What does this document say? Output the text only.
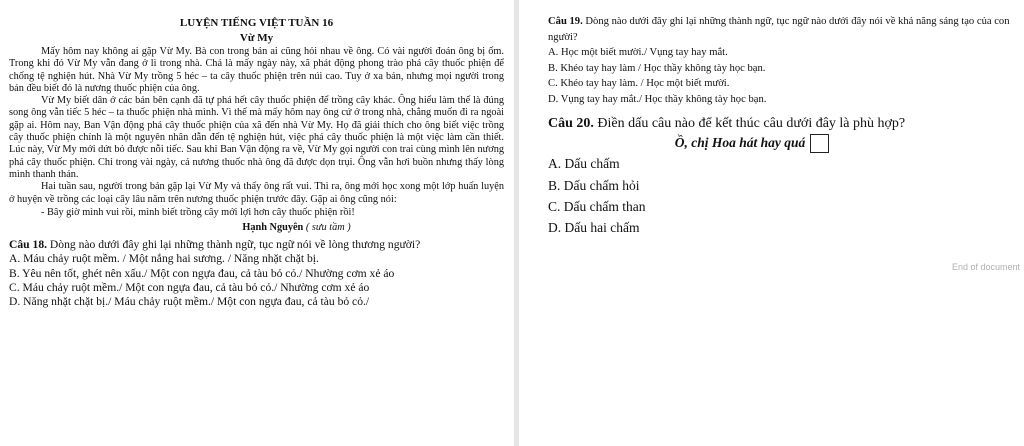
LUYỆN TIẾNG VIỆT TUẦN 16
Vừ My

Mấy hôm nay không ai gặp Vừ My. Bà con trong bản ai cũng hỏi nhau về ông. Có vài người đoán ông bị ốm. Trong khi đó Vừ My vẫn đang ở lì trong nhà. Chả là mấy ngày này, xã phát động phong trào phá cây thuốc phiện để chống tệ nghiện hút. Nhà Vừ My trồng 5 héc – ta cây thuốc phiện trên núi cao. Tuy ở xa bản, nhưng mọi người trong bản đều biết đó là nương thuốc phiện của ông.

Vừ My biết dân ở các bản bên cạnh đã tự phá hết cây thuốc phiện để trồng cây khác. Ông hiểu làm thế là đúng song ông vẫn tiếc 5 héc – ta thuốc phiện nhà mình. Vì thế mà mấy hôm nay ông cứ ở trong nhà, chẳng muốn đi ra ngoài gặp ai. Hôm nay, Ban Vận động phá cây thuốc phiện của xã đến nhà Vừ My. Họ đã giải thích cho ông biết việc trồng cây thuốc phiện chính là một nguyên nhân dẫn đến tệ nghiện hút, việc phá cây thuốc phiện là một việc làm cần thiết. Lúc này, Vừ My mới dứt bỏ được nỗi tiếc. Sau khi Ban Vận động ra về, Vừ My gọi người con trai cùng mình lên nương phá cây thuốc phiện. Chỉ trong vài ngày, cả nương thuốc nhà ông đã được dọn trụi. Ông vẫn hơi buồn nhưng thấy lòng mình thanh thản.

Hai tuần sau, người trong bản gặp lại Vừ My và thấy ông rất vui. Thì ra, ông mới học xong một lớp huấn luyện ở huyện về trồng các loại cây lâu năm trên nương thuốc phiện trước đây. Gặp ai ông cũng nói:

- Bây giờ mình vui rồi, mình biết trồng cây mới lợi hơn cây thuốc phiện rồi!
Hạnh Nguyên ( sưu tầm )
Câu 18. Dòng nào dưới đây ghi lại những thành ngữ, tục ngữ nói về lòng thương người?
A. Máu chảy ruột mềm. / Một nắng hai sương. / Năng nhặt chặt bị.
B. Yêu nên tốt, ghét nên xấu./ Một con ngựa đau, cả tàu bỏ cỏ./ Nhường cơm xẻ áo
C. Máu chảy ruột mềm./ Một con ngựa đau, cả tàu bỏ cỏ./ Nhường cơm xẻ áo
D. Năng nhặt chặt bị./ Máu chảy ruột mềm./ Một con ngựa đau, cả tàu bỏ cỏ./
Câu 19. Dòng nào dưới đây ghi lại những thành ngữ, tục ngữ nào dưới đây nói về khả năng sáng tạo của con người?
A. Học một biết mười./ Vụng tay hay mắt.
B. Khéo tay hay làm / Học thầy không tày học bạn.
C. Khéo tay hay làm. / Học một biết mười.
D. Vụng tay hay mắt./ Học thầy không tày học bạn.
Câu 20. Điền dấu câu nào để kết thúc câu dưới đây là phù hợp?
Ồ, chị Hoa hát hay quá
A. Dấu chấm
B. Dấu chấm hỏi
C. Dấu chấm than
D. Dấu hai chấm
End of document
